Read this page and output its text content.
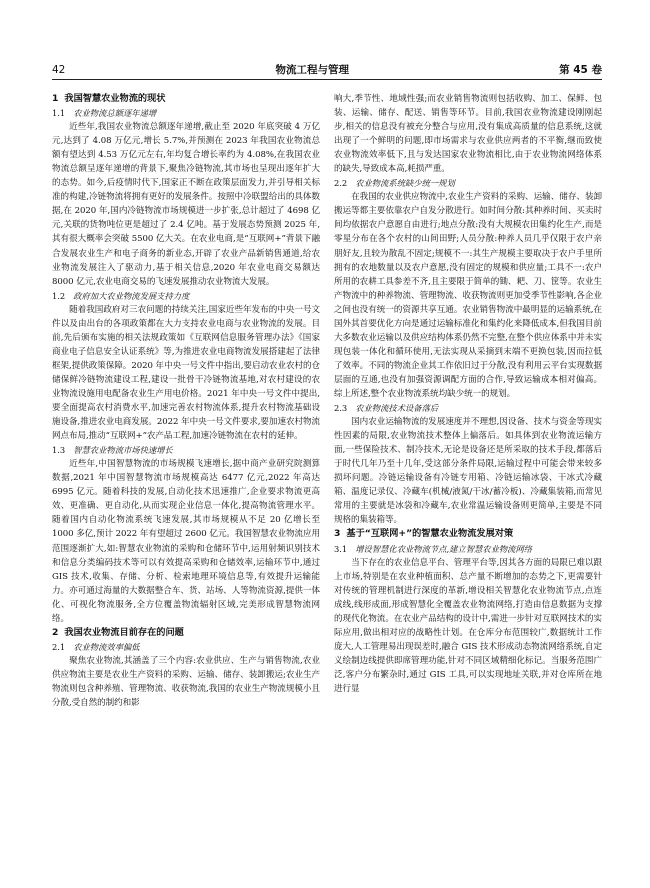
42	物流工程与管理	第 45 卷
1 我国智慧农业物流的现状
1.1 农业物流总额逐年递增

近些年,我国农业物流总额逐年递增,截止至 2020 年底突破 4 万亿元,达到了 4.08 万亿元,增长 5.7%,并预测在 2023 年我国农业物流总额有望达到 4.53 万亿元左右,年均复合增长率约为 4.08%,在我国农业物流总额呈逐年递增的背景下,聚焦冷链物流,其市场也呈现出逐年扩大的态势。如今,后疫情时代下,国家正不断在政策层面发力,并引导相关标准的构建,冷链物流将拥有更好的发展条件。按照中冷联盟给出的具体数据,在 2020 年,国内冷链物流市场规模进一步扩张,总计超过了 4698 亿元,关联的货物吨位更是超过了 2.4 亿吨。基于发展态势预测 2025 年,其有很大概率会突破 5500 亿大关。在农业电商,是“互联网+”背景下融合发展农业生产和电子商务的新业态,开辟了农业产品新销售通道,给农业物流发展注入了驱动力,基于相关信息,2020 年农业电商交易额达 8000 亿元,农业电商交易的飞速发展推动农业物流大发展。

1.2 政府加大农业物流发展支持力度

随着我国政府对三农问题的持续关注,国家近些年发布的中央一号文件以及由出台的各项政策都在大力支持农业电商与农业物流的发展。目前,先后颁布实施的相关法规政策如《互联网信息服务管理办法》《国家商业电子信息安全认证系统》等,为推进农业电商物流发展搭建起了法律框架,提供政策保障。2020 年中央一号文件中指出,要启动农业农村的仓储保鲜冷链物流建设工程,建设一批骨干冷链物流基地,对农村建设的农业物流设施用电配备农业生产用电价格。2021 年中央一号文件中提出,要全面提高农村消费水平,加速完善农村物流体系,提升农村物流基础设施设备,推进农业电商发展。2022 年中央一号文件要求,要加速农村物流网点布局,推动“互联网+”农产品工程,加速冷链物流在农村的延伸。

1.3 智慧农业物流市场快速增长

近些年,中国智慧物流的市场规模飞速增长,据中商产业研究院测算数据,2021 年中国智慧物流市场规模高达 6477 亿元,2022 年高达 6995 亿元。随着科技的发展,自动化技术迅速推广,企业要求物流更高效、更准确、更自动化,从而实现企业信息一体化,提高物流管理水平。随着国内自动化物流系统飞速发展,其市场规模从不足 20 亿增长至 1000 多亿,预计 2022 年有望超过 2600 亿元。我国智慧农业物流应用范围逐渐扩大,如:智慧农业物流的采购和仓储环节中,运用射频识别技术和信息分类编码技术等可以有效提高采购和仓储效率,运输环节中,通过 GIS 技术,收集、存储、分析、检索地理环境信息等,有效提升运输能力。亦可通过海量的大数据整合车、货、站场、人等物流资源,提供一体化、可视化物流服务,全方位覆盖物流辐射区域,完美形成智慧物流网络。

2 我国农业物流目前存在的问题
2.1 农业物流效率偏低

聚焦农业物流,其涵盖了三个内容:农业供应、生产与销售物流,农业供应物流主要是农业生产资料的采购、运输、储存、装卸搬运;农业生产物流则包含种养殖、管理物流、收获物流,我国的农业生产物流规模小且分散,受自然的制约和影

响大,季节性、地域性强;而农业销售物流则包括收购、加工、保鲜、包装、运输、储存、配送、销售等环节。目前,我国农业物流建设刚刚起步,相关的信息没有被充分整合与应用,没有集成高质量的信息系统,这就出现了一个鲜明的问题,即市场需求与农业供应两者的不平衡,继而致使农业物流效率低下,且与发达国家农业物流相比,由于农业物流网络体系的缺失,导致成本高,耗损严重。

2.2 农业物流系统缺少统一规划

在我国的农业供应物流中,农业生产资料的采购、运输、储存、装卸搬运等都主要依靠农户自发分散进行。如时间分散:其种养时间、买卖时间均依据农户意愿自由进行;地点分散:没有大规模农田集约化生产,而是零星分布在各个农村的山间田野;人员分散:种养人员几乎仅限于农户亲朋好友,且较为散乱不固定;规模不一:其生产规模主要取决于农户手里所拥有的农地数量以及农户意愿,没有固定的规模和供应量;工具不一:农户所用的农耕工具参差不齐,且主要限于简单的锄、耙、刀、筐等。农业生产物流中的种养物流、管理物流、收获物流则更加受季节性影响,各企业之间也没有统一的资源共享互通。农业销售物流中最明显的运输系统,在国外其首要优化方向是通过运输标准化和集约化来降低成本,但我国目前大多数农业运输以及供应结构体系仍然不完整,在整个供应体系中并未实现包装一体化和循环使用,无法实现从采摘到末端不更换包装,因而拉低了效率。不同的物流企业其工作依旧过于分散,没有利用云平台实现数据层面的互通,也没有加强资源调配方面的合作,导致运输成本相对偏高。综上所述,整个农业物流系统均缺少统一的规划。

2.3 农业物流技术设备落后

国内农业运输物流的发展速度并不理想,因设备、技术与资金等现实性因素的局限,农业物流技术整体上偏落后。如具体到农业物流运输方面,一些保险技术、制冷技术,无论是设备还是所采取的技术手段,都落后于时代几年乃至十几年,受这部分条件局限,运输过程中可能会带来较多损坏问题。冷链运输设备有冷链专用箱、冷链运输冰袋、干冰式冷藏箱、温度记录仪、冷藏车(机械/液氮/干冰/蓄冷板)、冷藏集装箱,而常见常用的主要就是冰袋和冷藏车,农业常温运输设备则更简单,主要是不同规格的集装箱等。

3 基于“互联网+”的智慧农业物流发展对策
3.1 增设智慧化农业物流节点,建立智慧农业物流网络

当下存在的农业信息平台、管理平台等,因其各方面的局限已难以跟上市场,特别是在农业种植面积、总产量不断增加的态势之下,更需要针对传统的管理机制进行深度的革新,增设相关智慧化农业物流节点,点连成线,线形成面,形成智慧化全覆盖农业物流网络,打造由信息数据为支撑的现代化物流。在农业产品结构的设计中,需进一步针对互联网技术的实际应用,做出相对应的战略性计划。在仓库分布范围较广,数据统计工作庞大,人工管理易出现误差时,融合 GIS 技术形成动态物流网络系统,自定义绘制边线提供即席管理功能,针对不同区域精细化标记。当服务范围广泛,客户分布繁杂时,通过 GIS 工具,可以实现地址关联,并对仓库所在地进行显
